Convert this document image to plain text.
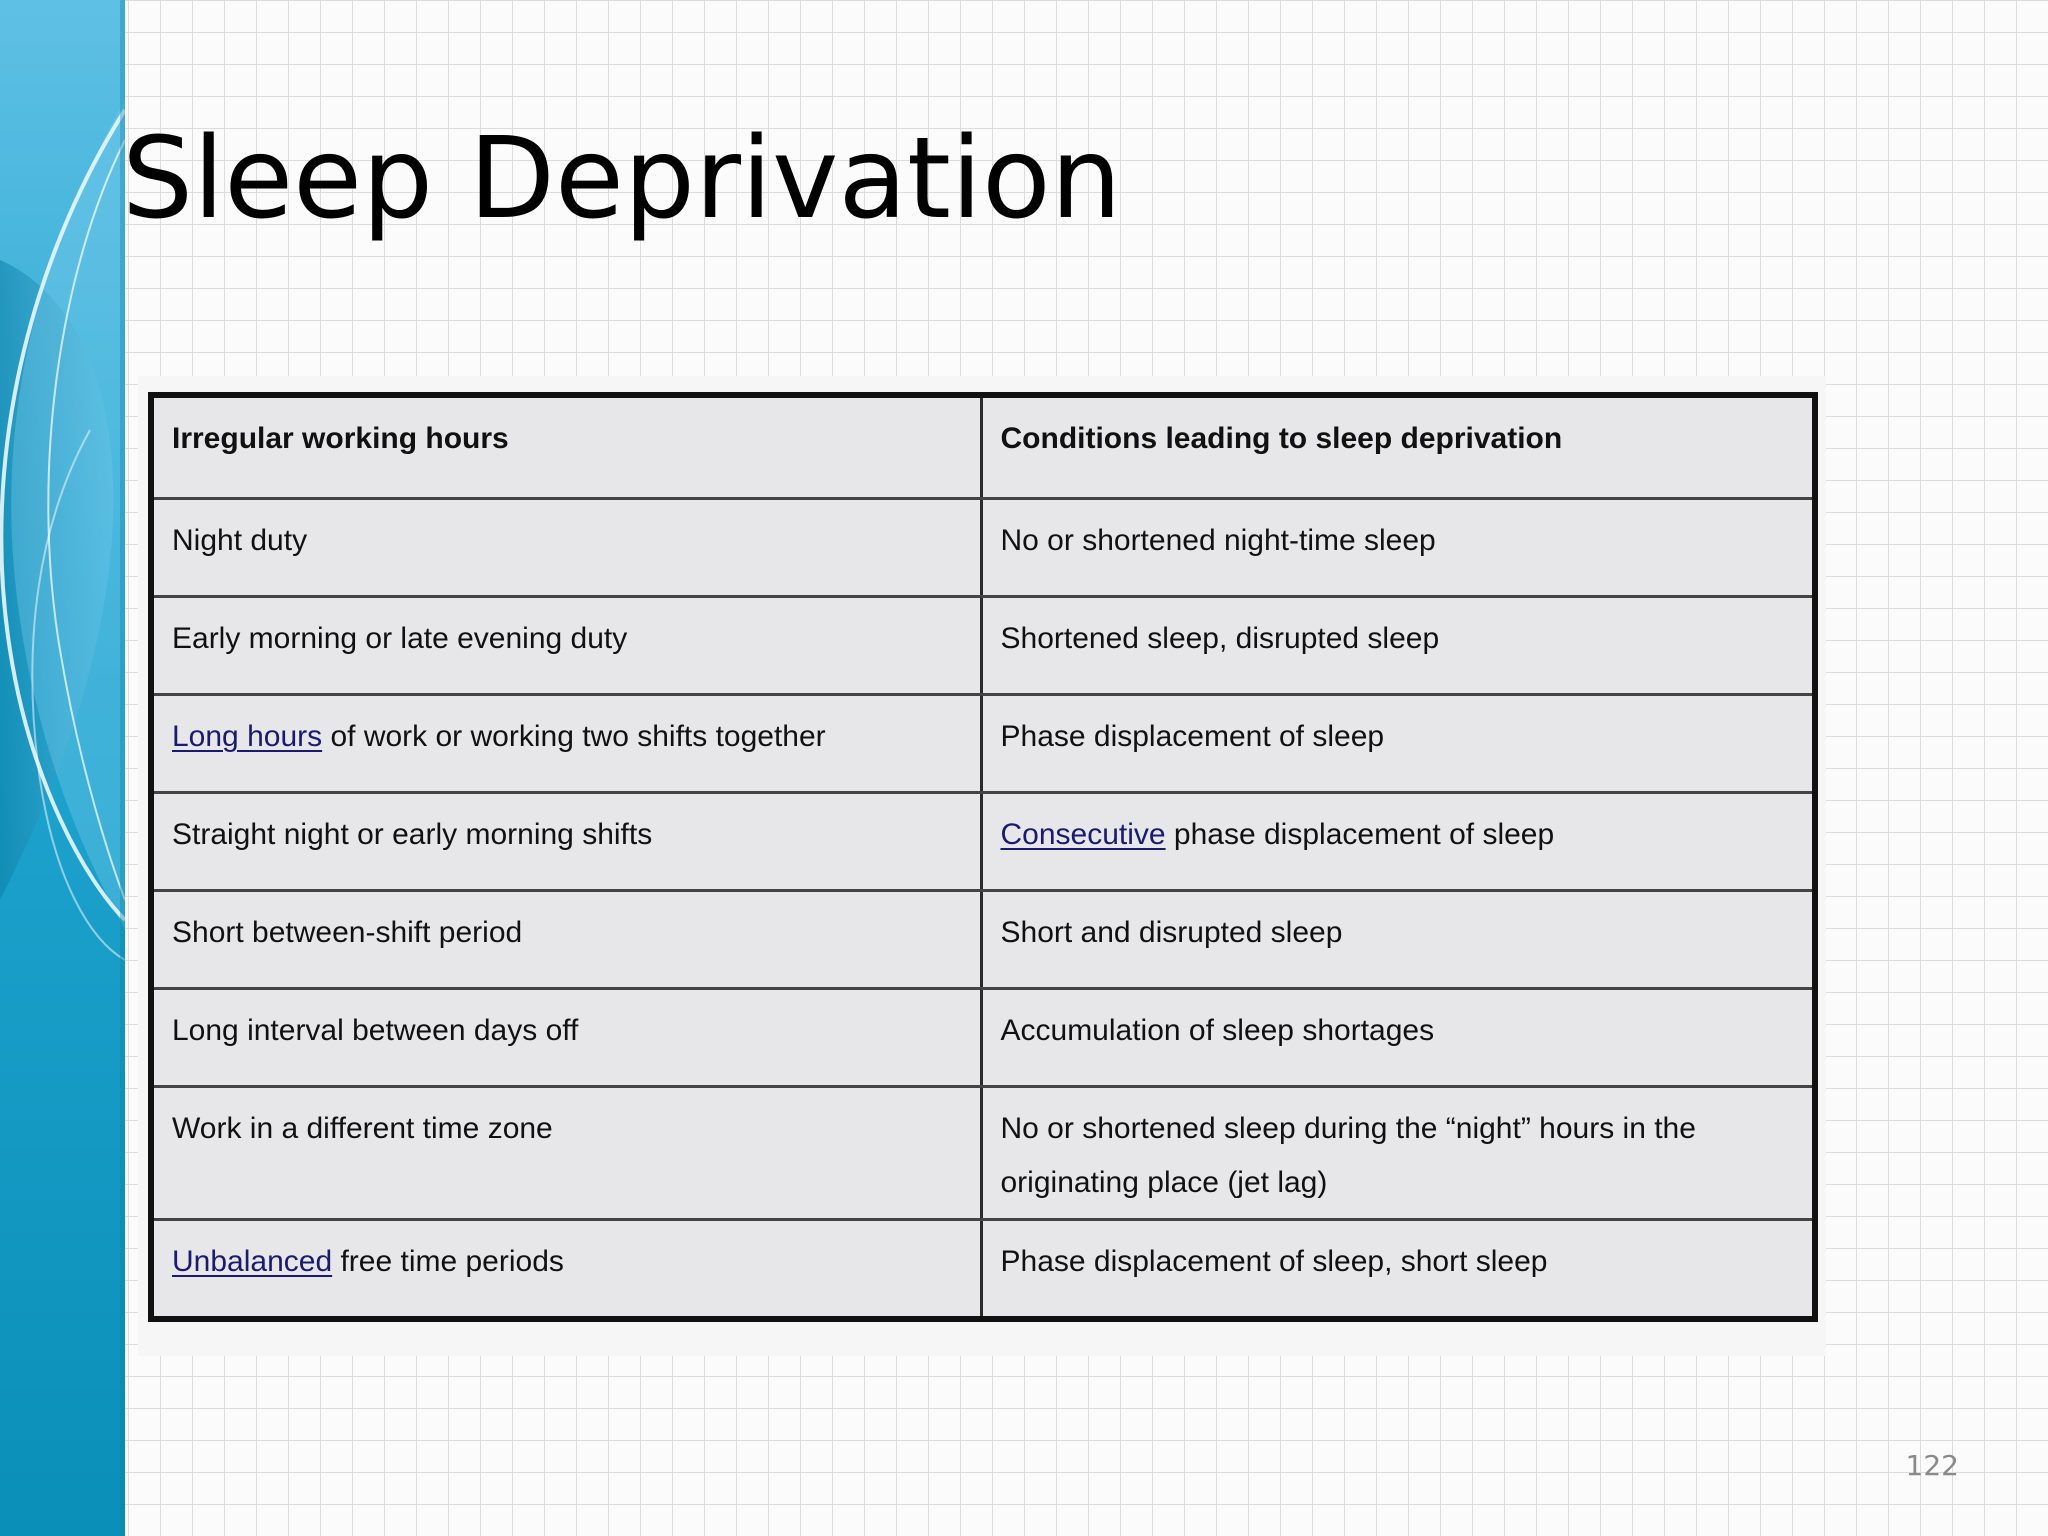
Sleep Deprivation
Irregular working hours	Conditions leading to sleep deprivation
Night duty	No or shortened night-time sleep
Early morning or late evening duty	Shortened sleep, disrupted sleep
Long hours of work or working two shifts together	Phase displacement of sleep
Straight night or early morning shifts	Consecutive phase displacement of sleep
Short between-shift period	Short and disrupted sleep
Long interval between days off	Accumulation of sleep shortages
Work in a different time zone	No or shortened sleep during the “night” hours in the originating place (jet lag)
Unbalanced free time periods	Phase displacement of sleep, short sleep
122
